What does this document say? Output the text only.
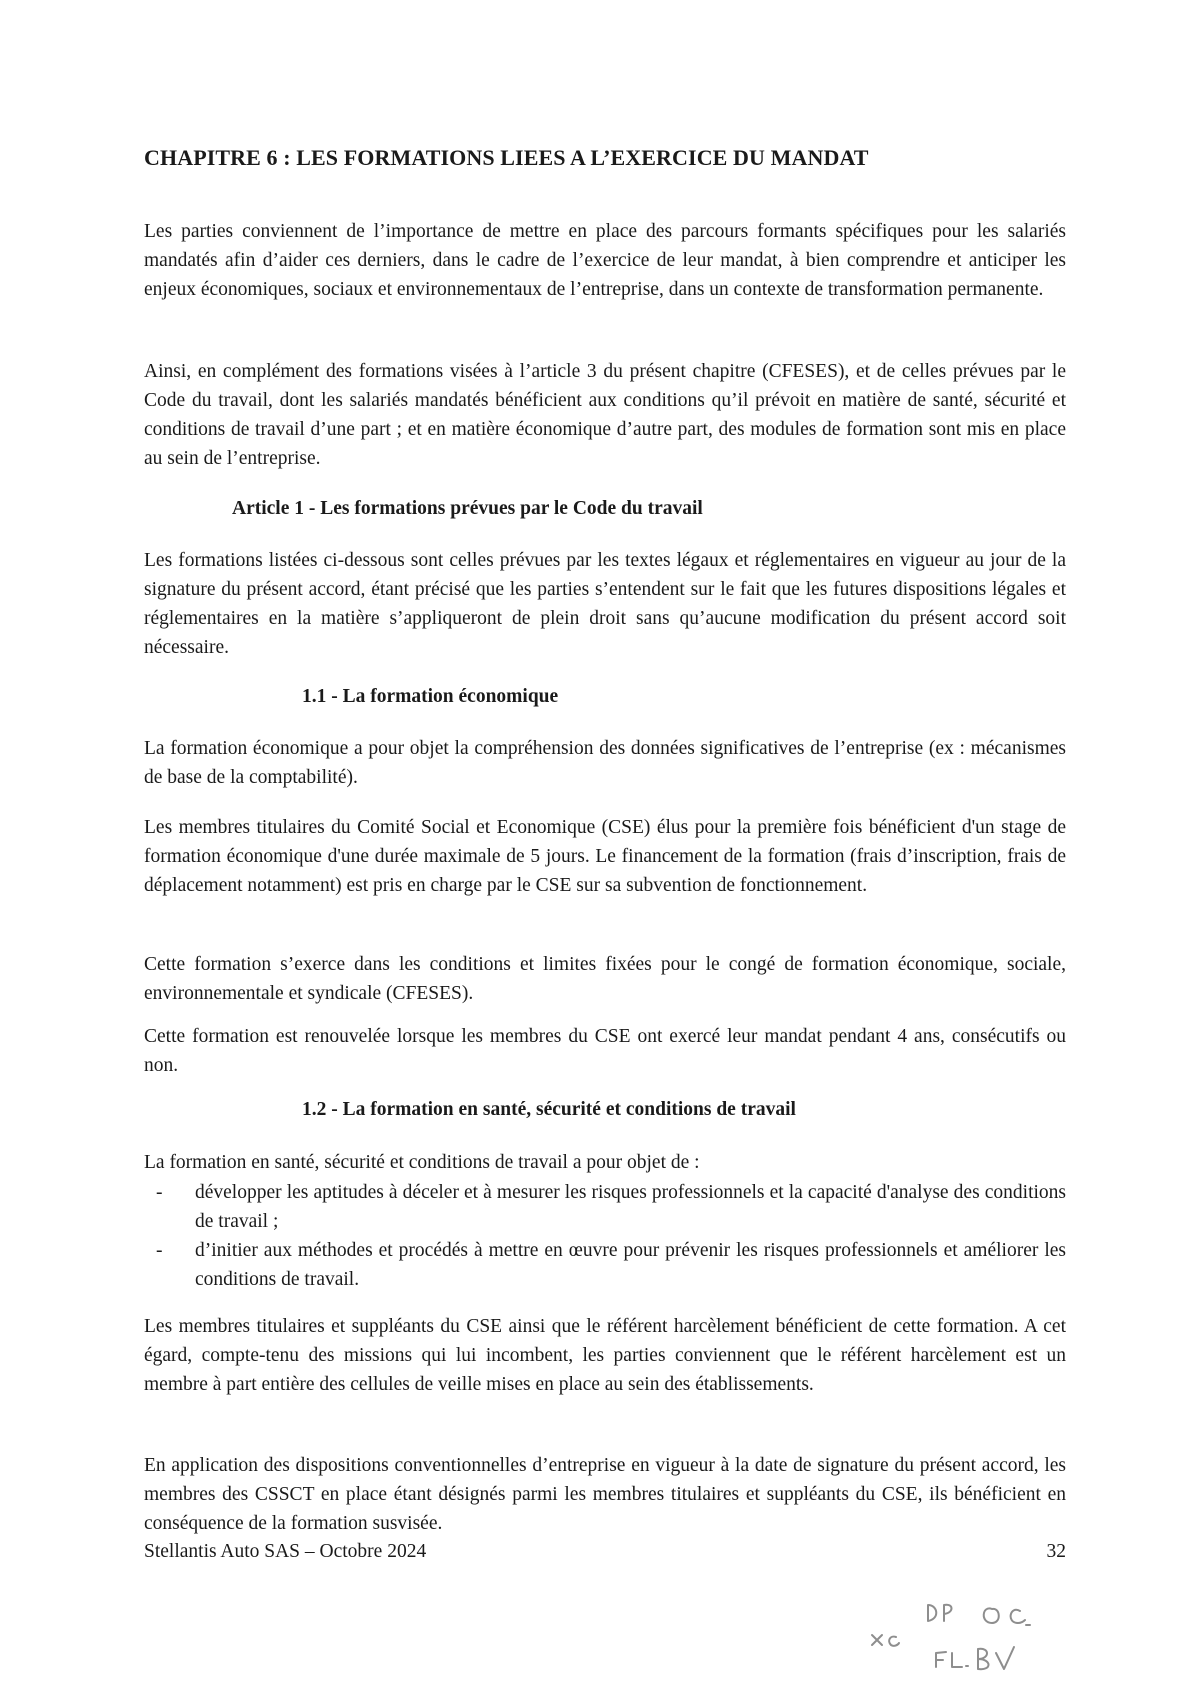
CHAPITRE 6 : LES FORMATIONS LIEES A L’EXERCICE DU MANDAT

Les parties conviennent de l’importance de mettre en place des parcours formants spécifiques pour les salariés mandatés afin d’aider ces derniers, dans le cadre de l’exercice de leur mandat, à bien comprendre et anticiper les enjeux économiques, sociaux et environnementaux de l’entreprise, dans un contexte de transformation permanente.

Ainsi, en complément des formations visées à l’article 3 du présent chapitre (CFESES), et de celles prévues par le Code du travail, dont les salariés mandatés bénéficient aux conditions qu’il prévoit en matière de santé, sécurité et conditions de travail d’une part ; et en matière économique d’autre part, des modules de formation sont mis en place au sein de l’entreprise.

Article 1 - Les formations prévues par le Code du travail

Les formations listées ci-dessous sont celles prévues par les textes légaux et réglementaires en vigueur au jour de la signature du présent accord, étant précisé que les parties s’entendent sur le fait que les futures dispositions légales et réglementaires en la matière s’appliqueront de plein droit sans qu’aucune modification du présent accord soit nécessaire.

1.1 - La formation économique

La formation économique a pour objet la compréhension des données significatives de l’entreprise (ex : mécanismes de base de la comptabilité).

Les membres titulaires du Comité Social et Economique (CSE) élus pour la première fois bénéficient d'un stage de formation économique d'une durée maximale de 5 jours. Le financement de la formation (frais d’inscription, frais de déplacement notamment) est pris en charge par le CSE sur sa subvention de fonctionnement.

Cette formation s’exerce dans les conditions et limites fixées pour le congé de formation économique, sociale, environnementale et syndicale (CFESES).

Cette formation est renouvelée lorsque les membres du CSE ont exercé leur mandat pendant 4 ans, consécutifs ou non.

1.2 - La formation en santé, sécurité et conditions de travail

La formation en santé, sécurité et conditions de travail a pour objet de :

- développer les aptitudes à déceler et à mesurer les risques professionnels et la capacité d'analyse des conditions de travail ;
- d’initier aux méthodes et procédés à mettre en œuvre pour prévenir les risques professionnels et améliorer les conditions de travail.

Les membres titulaires et suppléants du CSE ainsi que le référent harcèlement bénéficient de cette formation. A cet égard, compte-tenu des missions qui lui incombent, les parties conviennent que le référent harcèlement est un membre à part entière des cellules de veille mises en place au sein des établissements.

En application des dispositions conventionnelles d’entreprise en vigueur à la date de signature du présent accord, les membres des CSSCT en place étant désignés parmi les membres titulaires et suppléants du CSE, ils bénéficient en conséquence de la formation susvisée.

Stellantis Auto SAS – Octobre 2024	32
